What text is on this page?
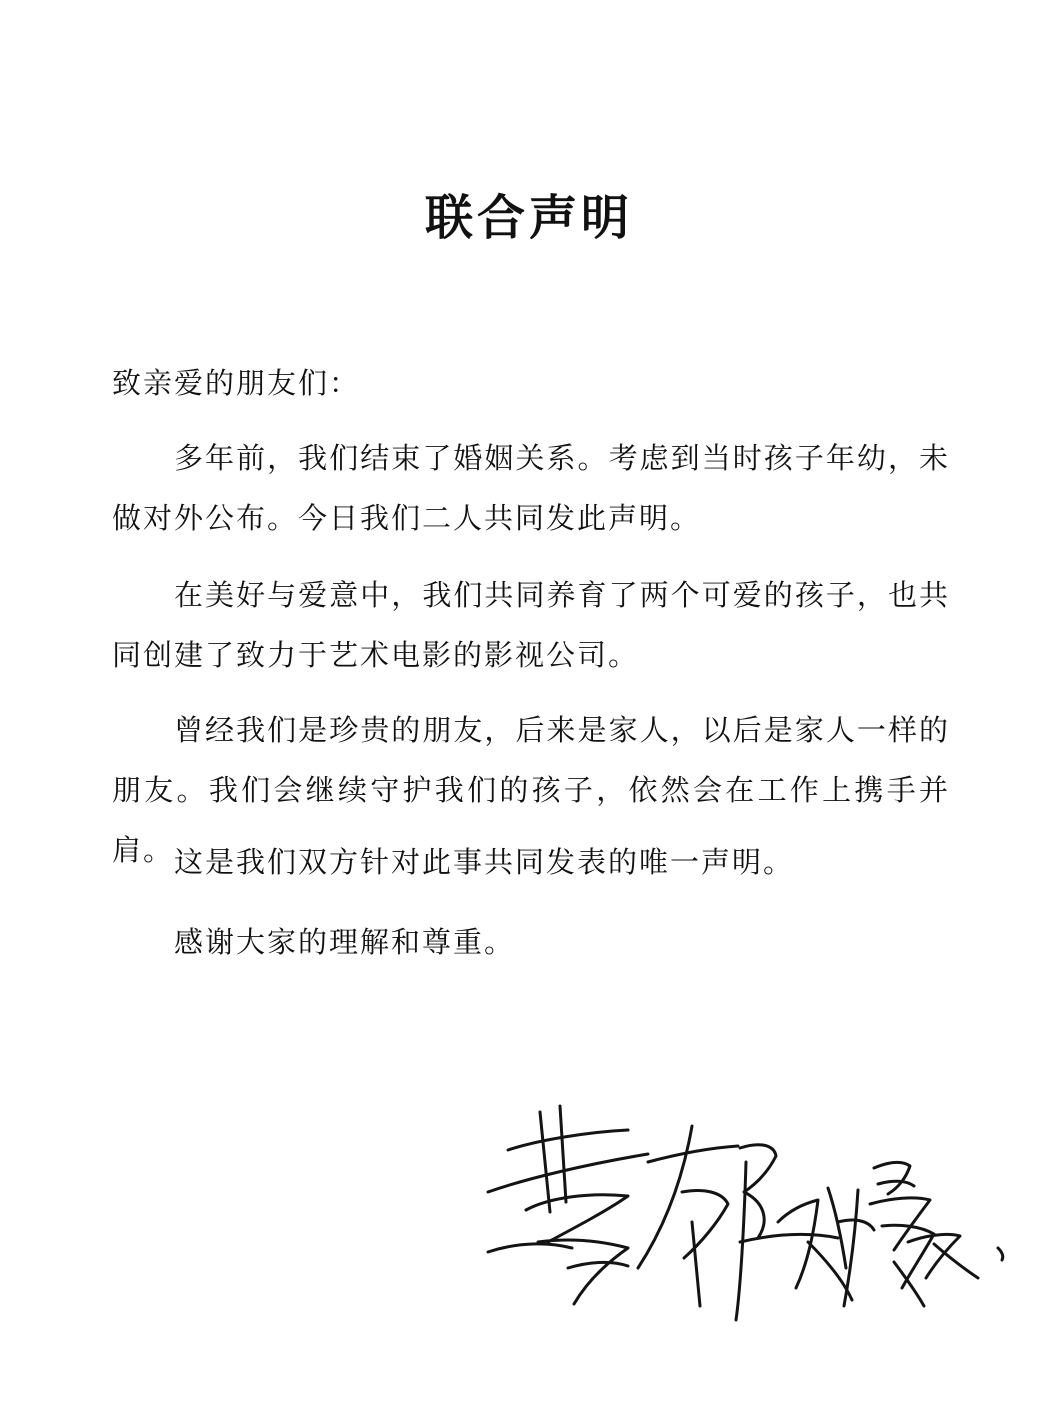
联合声明
致亲爱的朋友们：
多年前，我们结束了婚姻关系。考虑到当时孩子年幼，未做对外公布。今日我们二人共同发此声明。
在美好与爱意中，我们共同养育了两个可爱的孩子，也共同创建了致力于艺术电影的影视公司。
曾经我们是珍贵的朋友，后来是家人，以后是家人一样的朋友。我们会继续守护我们的孩子，依然会在工作上携手并肩。 这是我们双方针对此事共同发表的唯一声明。
感谢大家的理解和尊重。
